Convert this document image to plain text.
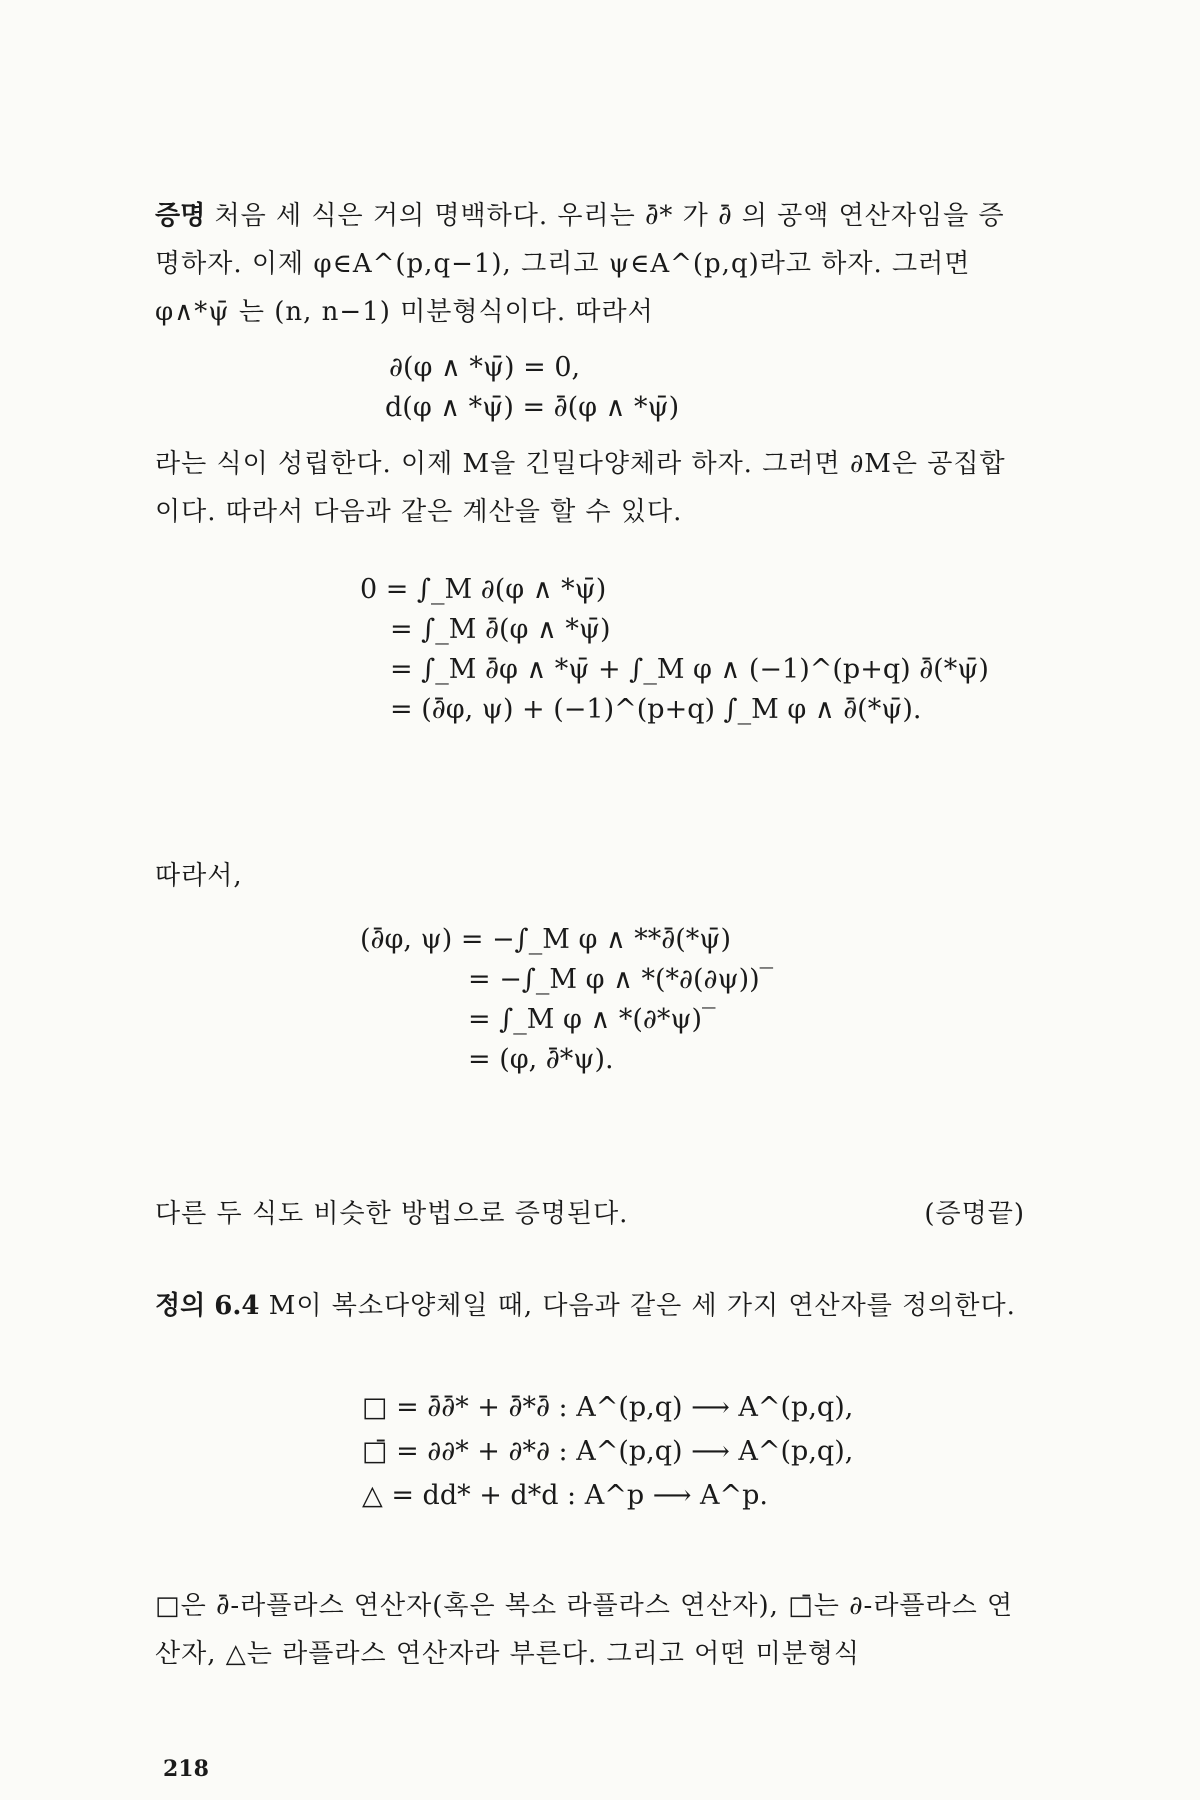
증명 처음 세 식은 거의 명백하다. 우리는 ∂̄* 가 ∂̄ 의 공액 연산자임을 증명하자. 이제 φ∈A^(p,q−1), 그리고 ψ∈A^(p,q)라고 하자. 그러면 φ∧*ψ̄ 는 (n, n−1) 미분형식이다. 따라서

∂(φ ∧ *ψ̄) = 0,
d(φ ∧ *ψ̄) = ∂̄(φ ∧ *ψ̄)

라는 식이 성립한다. 이제 M을 긴밀다양체라 하자. 그러면 ∂M은 공집합이다. 따라서 다음과 같은 계산을 할 수 있다.

0 = ∫_M ∂(φ ∧ *ψ̄)
= ∫_M ∂̄(φ ∧ *ψ̄)
= ∫_M ∂̄φ ∧ *ψ̄ + ∫_M φ ∧ (−1)^(p+q) ∂̄(*ψ̄)
= (∂̄φ, ψ) + (−1)^(p+q) ∫_M φ ∧ ∂̄(*ψ̄).

따라서,

(∂̄φ, ψ) = −∫_M φ ∧ **∂̄(*ψ̄)
= −∫_M φ ∧ *(*∂(∂ψ))‾
= ∫_M φ ∧ *(∂*ψ)‾
= (φ, ∂̄*ψ).

다른 두 식도 비슷한 방법으로 증명된다.	(증명끝)

정의 6.4 M이 복소다양체일 때, 다음과 같은 세 가지 연산자를 정의한다.

□ = ∂̄∂̄* + ∂̄*∂̄ : A^(p,q) ⟶ A^(p,q),
□̄ = ∂∂* + ∂*∂ : A^(p,q) ⟶ A^(p,q),
△ = dd* + d*d : A^p ⟶ A^p.

□은 ∂̄-라플라스 연산자(혹은 복소 라플라스 연산자), □̄는 ∂-라플라스 연산자, △는 라플라스 연산자라 부른다. 그리고 어떤 미분형식

218
